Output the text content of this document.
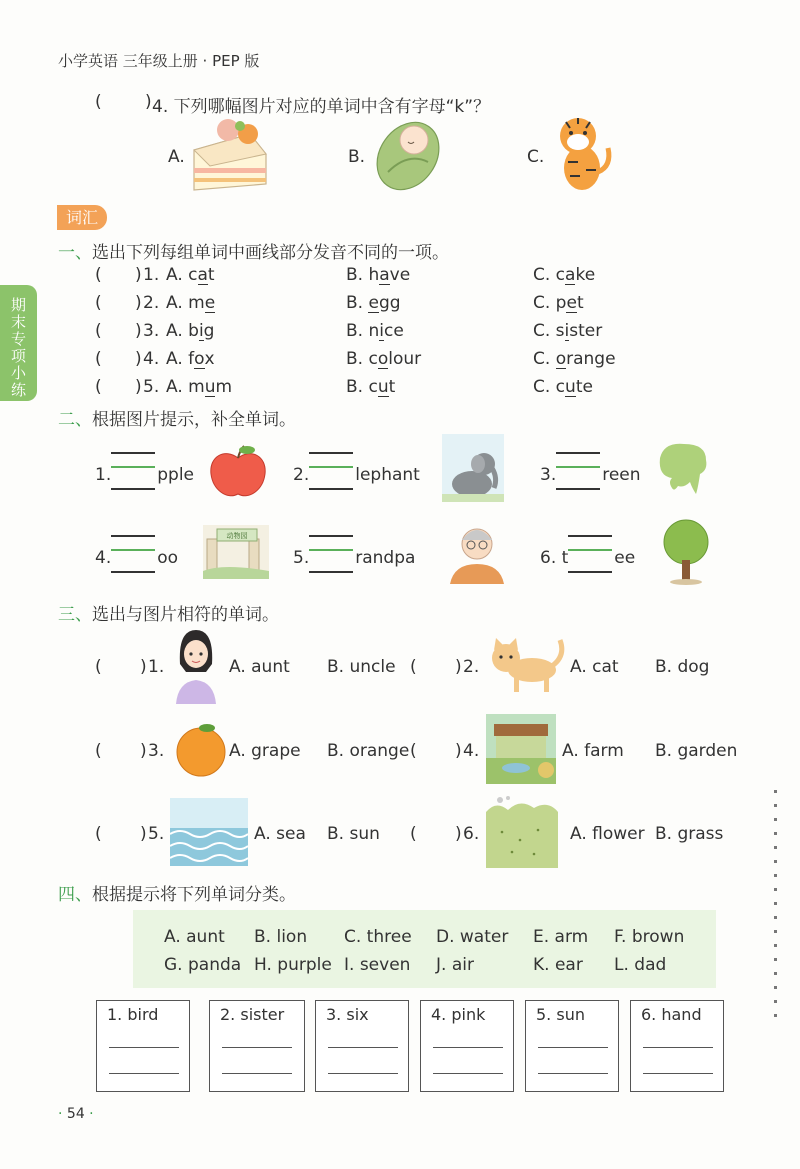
小学英语 三年级上册 · PEP 版
期末专项小练
(	) 4. 下列哪幅图片对应的单词中含有字母“k”？
A.	B.	C.
词汇
一、选出下列每组单词中画线部分发音不同的一项。
( ) 1. A. cat	B. have	C. cake
( ) 2. A. me	B. egg	C. pet
( ) 3. A. big	B. nice	C. sister
( ) 4. A. fox	B. colour	C. orange
( ) 5. A. mum	B. cut	C. cute
二、根据图片提示，补全单词。
1.	pple	2.	lephant	3.	reen
4.	oo	5.	randpa	6. t	ee
动物园
三、选出与图片相符的单词。
( ) 1.	A. aunt B. uncle ( ) 2.	A. cat B. dog
( ) 3.	A. grape B. orange ( ) 4.	A. farm B. garden
( ) 5.	A. sea B. sun ( ) 6.	A. flower B. grass
四、根据提示将下列单词分类。
A. aunt B. lion C. three D. water E. arm F. brown
G. panda H. purple I. seven J. air	K. ear L. dad
1. bird	2. sister	3. six	4. pink	5. sun	6. hand
· 54 ·
